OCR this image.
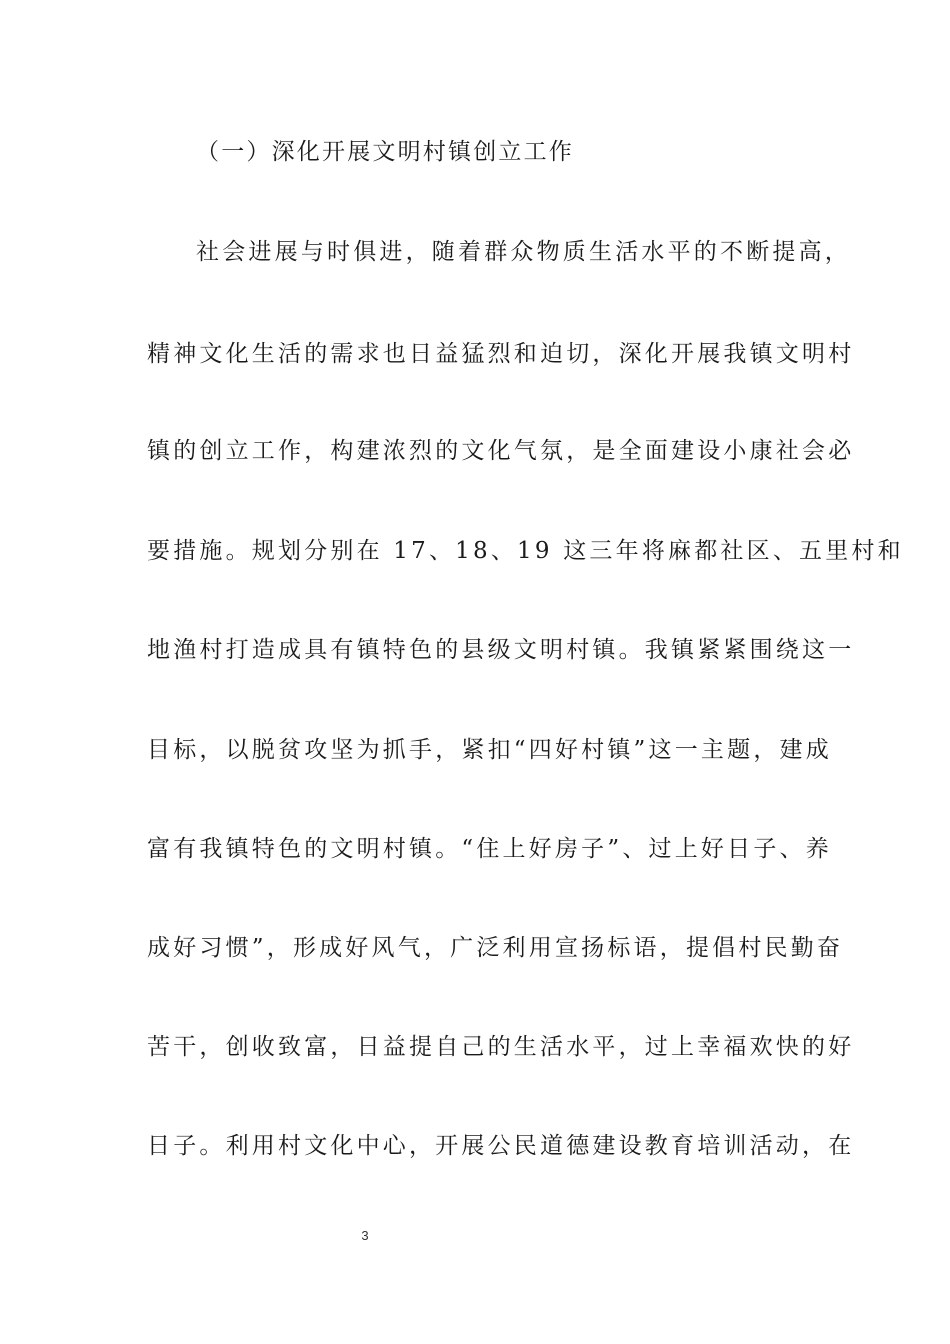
（一）深化开展文明村镇创立工作
社会进展与时俱进，随着群众物质生活水平的不断提高，
精神文化生活的需求也日益猛烈和迫切，深化开展我镇文明村
镇的创立工作，构建浓烈的文化气氛，是全面建设小康社会必
要措施。规划分别在 17、18、19 这三年将麻都社区、五里村和
地渔村打造成具有镇特色的县级文明村镇。我镇紧紧围绕这一
目标，以脱贫攻坚为抓手，紧扣“四好村镇”这一主题，建成
富有我镇特色的文明村镇。“住上好房子”、过上好日子、养
成好习惯”，形成好风气，广泛利用宣扬标语，提倡村民勤奋
苦干，创收致富，日益提自己的生活水平，过上幸福欢快的好
日子。利用村文化中心，开展公民道德建设教育培训活动，在
3
